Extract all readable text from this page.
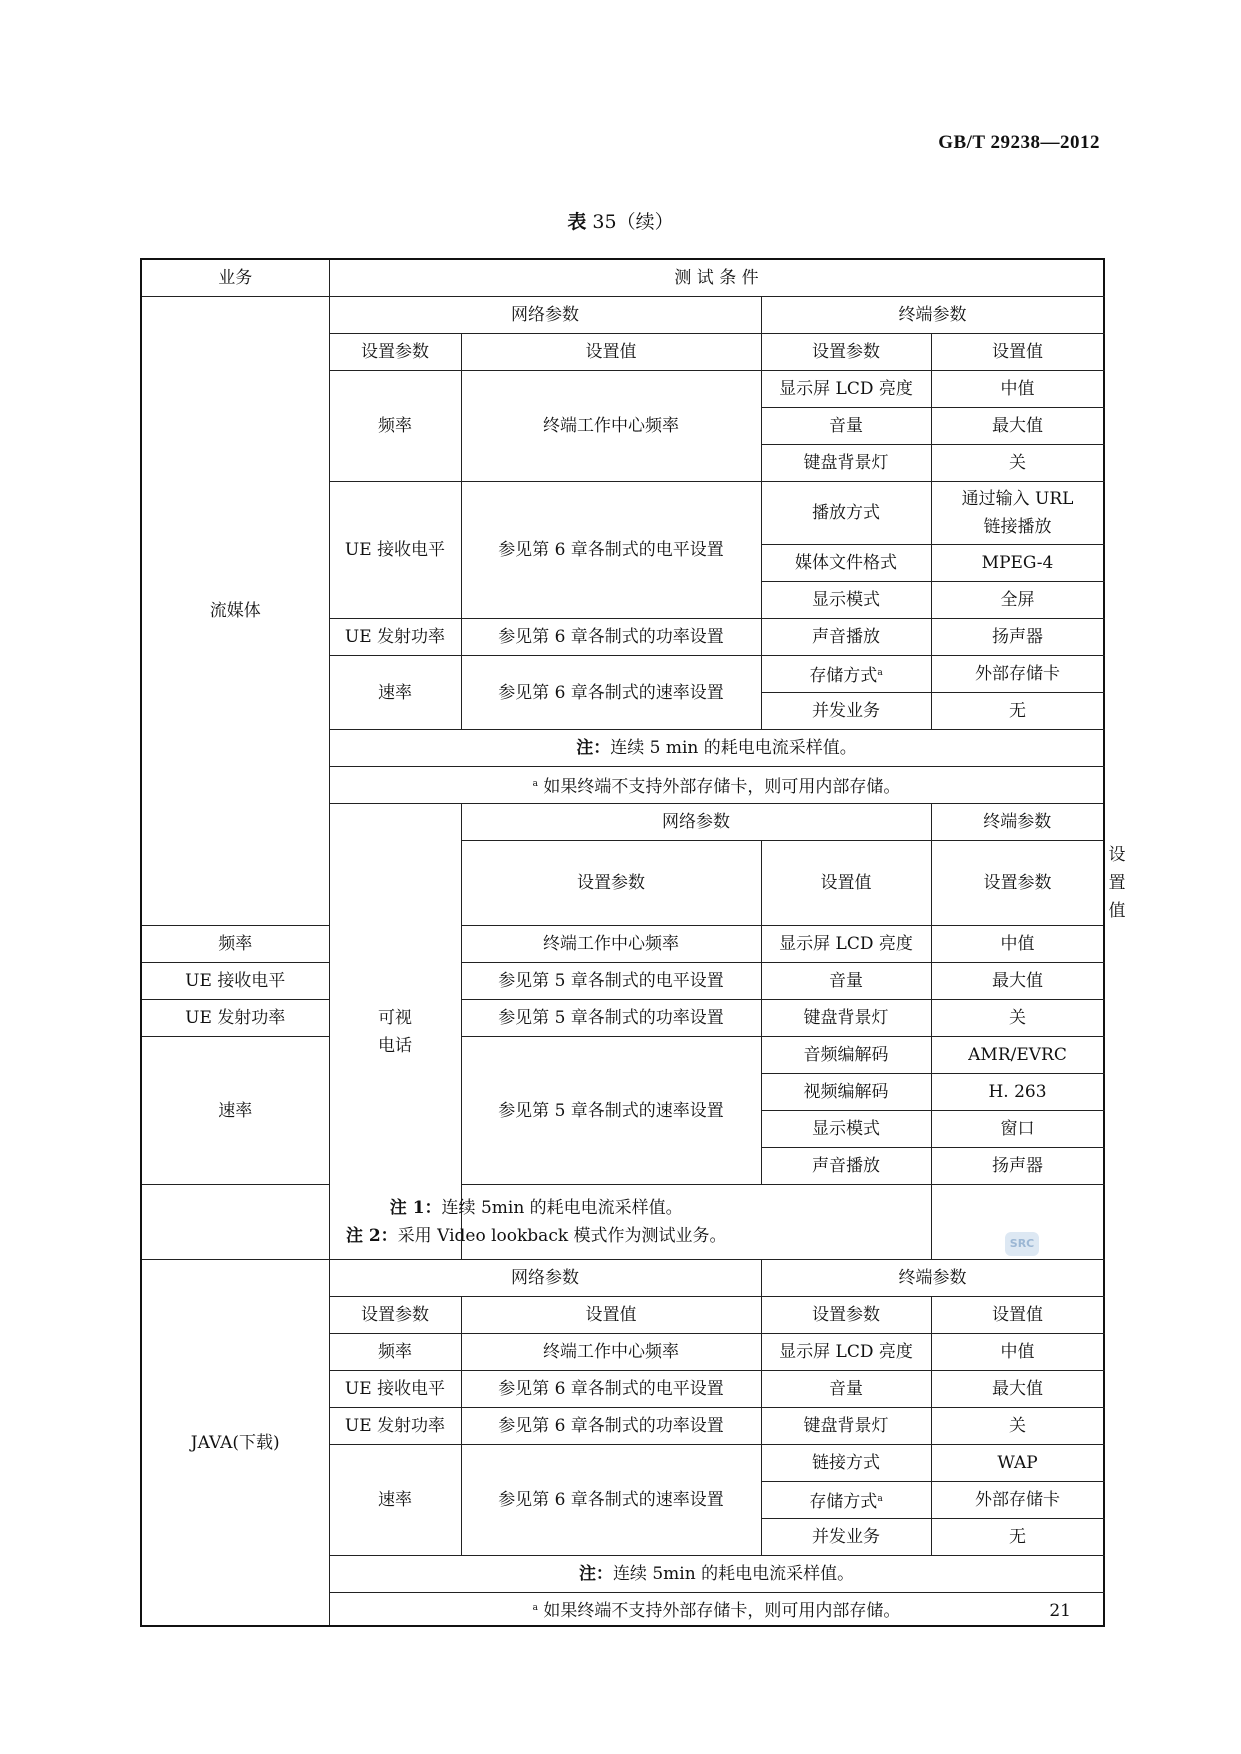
GB/T 29238—2012
表 35（续）
业务	测 试 条 件				
流媒体	网络参数		终端参数		
	设置参数	设置值	设置参数	设置值	
	频率	终端工作中心频率	显示屏 LCD 亮度	中值	
			音量	最大值	
			键盘背景灯	关	
	UE 接收电平	参见第 6 章各制式的电平设置	播放方式	通过输入 URL 链接播放	
			媒体文件格式	MPEG-4	
			显示模式	全屏	
	UE 发射功率	参见第 6 章各制式的功率设置	声音播放	扬声器	
	速率	参见第 6 章各制式的速率设置	存储方式$^a$	外部存储卡	
			并发业务	无	
	注：连续 5 min 的耗电电流采样值。				
	$^a$ 如果终端不支持外部存储卡，则可用内部存储。				

	可视
电话	网络参数		终端参数	
		设置参数	设置值	设置参数	设置值
频率		终端工作中心频率	显示屏 LCD 亮度	中值	
UE 接收电平		参见第 5 章各制式的电平设置	音量	最大值	
UE 发射功率		参见第 5 章各制式的功率设置	键盘背景灯	关	
速率		参见第 5 章各制式的速率设置	音频编解码	AMR/EVRC	
			视频编解码	H. 263	
			显示模式	窗口	
			声音播放	扬声器	

注 1：连续 5min 的耗电电流采样值。
注 2：采用 Video lookback 模式作为测试业务。					

JAVA(下载)	网络参数		终端参数		
	设置参数	设置值	设置参数	设置值	
	频率	终端工作中心频率	显示屏 LCD 亮度	中值	
	UE 接收电平	参见第 6 章各制式的电平设置	音量	最大值	
	UE 发射功率	参见第 6 章各制式的功率设置	键盘背景灯	关	
	速率	参见第 6 章各制式的速率设置	链接方式	WAP	
			存储方式$^a$	外部存储卡	
			并发业务	无	
	注：连续 5min 的耗电电流采样值。				
	$^a$ 如果终端不支持外部存储卡，则可用内部存储。				
SRC
21
